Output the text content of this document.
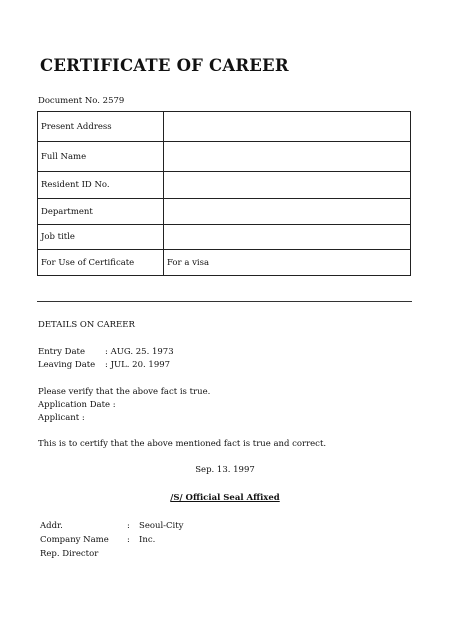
CERTIFICATE OF CAREER
Document No. 2579
Present Address	
Full Name	
Resident ID No.	
Department	
Job title	
For Use of Certificate	For a visa
DETAILS ON CAREER
Entry Date : AUG. 25. 1973
Leaving Date : JUL. 20. 1997
Please verify that the above fact is true.
Application Date :
Applicant :
This is to certify that the above mentioned fact is true and correct.
Sep. 13. 1997
/S/ Official Seal Affixed
Addr.	: Seoul-City
Company Name : Inc.
Rep. Director
